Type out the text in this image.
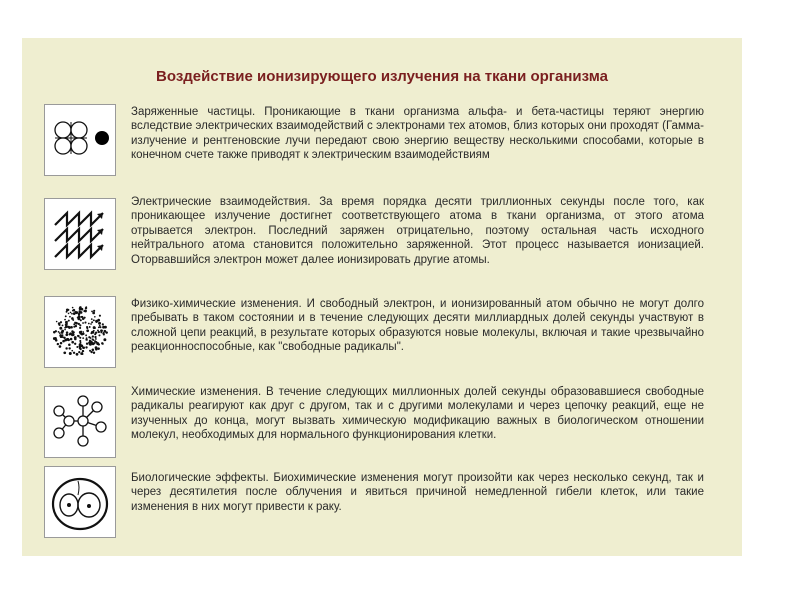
Воздействие ионизирующего излучения на ткани организма

Заряженные частицы. Проникающие в ткани организма альфа- и бета-частицы теряют энергию вследствие электрических взаимодействий с электронами тех атомов, близ которых они проходят (Гамма-излучение и рентгеновские лучи передают свою энергию веществу несколькими способами, которые в конечном счете также приводят к электрическим взаимодействиям

Электрические взаимодействия. За время порядка десяти триллионных секунды после того, как проникающее излучение достигнет соответствующего атома в ткани организма, от этого атома отрывается электрон. Последний заряжен отрицательно, поэтому остальная часть исходного нейтрального атома становится положительно заряженной. Этот процесс называется ионизацией. Оторвавшийся электрон может далее ионизировать другие атомы.

Физико-химические изменения. И свободный электрон, и ионизированный атом обычно не могут долго пребывать в таком состоянии и в течение следующих десяти миллиардных долей секунды участвуют в сложной цепи реакций, в результате которых образуются новые молекулы, включая и такие чрезвычайно реакционноспособные, как "свободные радикалы".

Химические изменения. В течение следующих миллионных долей секунды образовавшиеся свободные радикалы реагируют как друг с другом, так и с другими молекулами и через цепочку реакций, еще не изученных до конца, могут вызвать химическую модификацию важных в биологическом отношении молекул, необходимых для нормального функционирования клетки.

Биологические эффекты. Биохимические изменения могут произойти как через несколько секунд, так и через десятилетия после облучения и явиться причиной немедленной гибели клеток, или такие изменения в них могут привести к раку.
